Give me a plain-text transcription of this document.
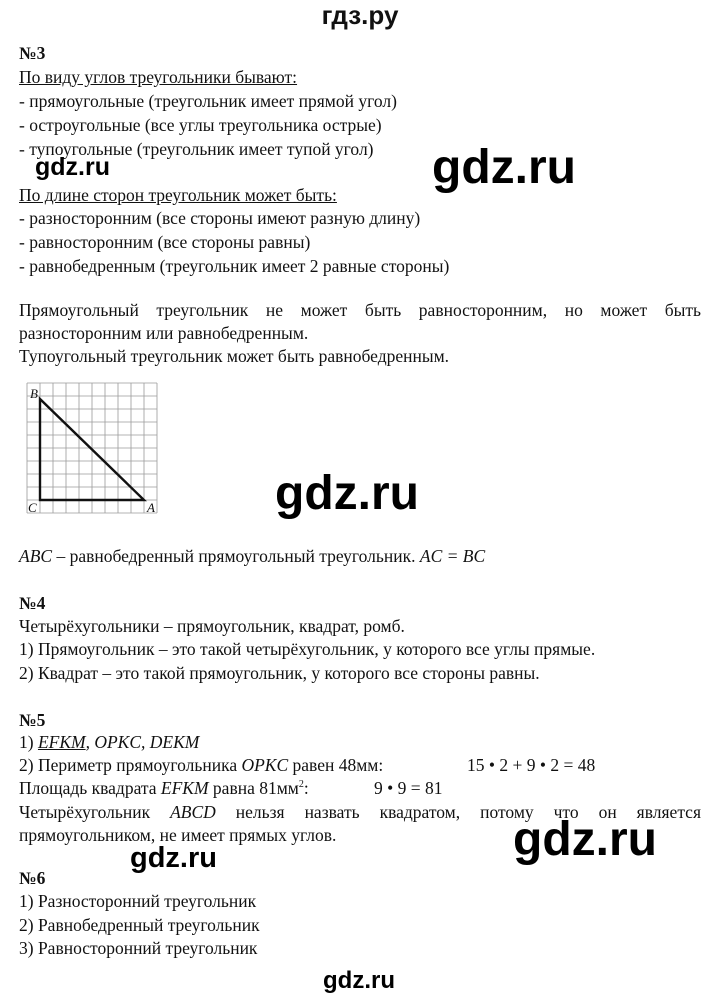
гдз.ру
№3
По виду углов треугольники бывают:
- прямоугольные (треугольник имеет прямой угол)
- остроугольные (все углы треугольника острые)
- тупоугольные (треугольник имеет тупой угол)
По длине сторон треугольник может быть:
- разносторонним (все стороны имеют разную длину)
- равносторонним (все стороны равны)
- равнобедренным (треугольник имеет 2 равные стороны)
Прямоугольный треугольник не может быть равносторонним, но может быть
разносторонним или равнобедренным.
Тупоугольный треугольник может быть равнобедренным.
B
C	A
ABC – равнобедренный прямоугольный треугольник. AC = BC
№4
Четырёхугольники – прямоугольник, квадрат, ромб.
1) Прямоугольник – это такой четырёхугольник, у которого все углы прямые.
2) Квадрат – это такой прямоугольник, у которого все стороны равны.
№5
1) EFKM, OPKC, DEKM
2) Периметр прямоугольника OPKC равен 48мм:	15 • 2 + 9 • 2 = 48
Площадь квадрата EFKM равна $81мм^2$:	9 • 9 = 81
Четырёхугольник ABCD нельзя назвать квадратом, потому что он является
прямоугольником, не имеет прямых углов.
№6
1) Разносторонний треугольник
2) Равнобедренный треугольник
3) Равносторонний треугольник
gdz.ru	gdz.ru
gdz.ru
gdz.ru	gdz.ru
gdz.ru
